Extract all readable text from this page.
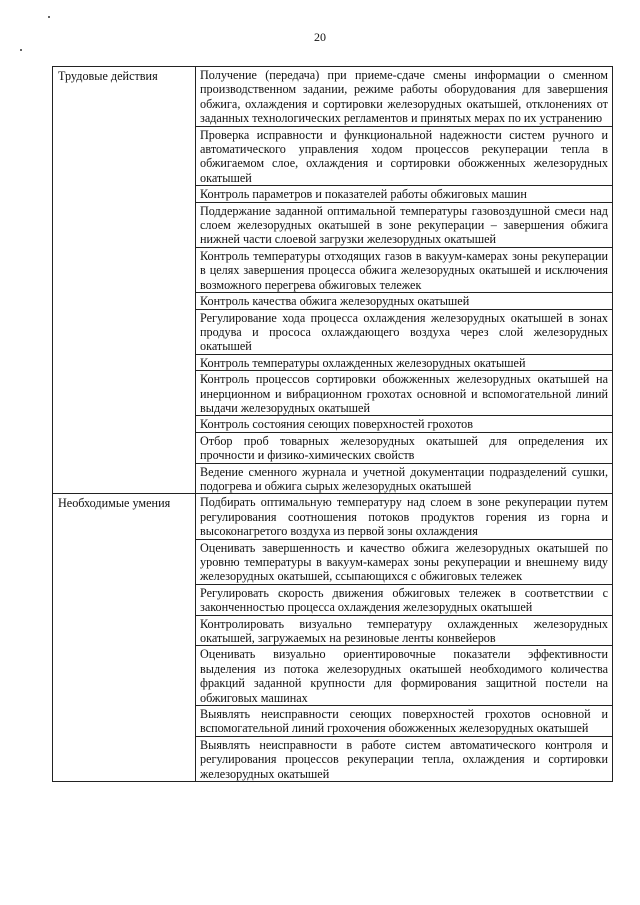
20
Трудовые действия	Получение (передача) при приеме-сдаче смены информации о сменном производственном задании, режиме работы оборудования для завершения обжига, охлаждения и сортировки железорудных окатышей, отклонениях от заданных технологических регламентов и принятых мерах по их устранению
	Проверка исправности и функциональной надежности систем ручного и автоматического управления ходом процессов рекуперации тепла в обжигаемом слое, охлаждения и сортировки обожженных железорудных окатышей
	Контроль параметров и показателей работы обжиговых машин
	Поддержание заданной оптимальной температуры газовоздушной смеси над слоем железорудных окатышей в зоне рекуперации – завершения обжига нижней части слоевой загрузки железорудных окатышей
	Контроль температуры отходящих газов в вакуум-камерах зоны рекуперации в целях завершения процесса обжига железорудных окатышей и исключения возможного перегрева обжиговых тележек
	Контроль качества обжига железорудных окатышей
	Регулирование хода процесса охлаждения железорудных окатышей в зонах продува и прососа охлаждающего воздуха через слой железорудных окатышей
	Контроль температуры охлажденных железорудных окатышей
	Контроль процессов сортировки обожженных железорудных окатышей на инерционном и вибрационном грохотах основной и вспомогательной линий выдачи железорудных окатышей
	Контроль состояния сеющих поверхностей грохотов
	Отбор проб товарных железорудных окатышей для определения их прочности и физико-химических свойств
	Ведение сменного журнала и учетной документации подразделений сушки, подогрева и обжига сырых железорудных окатышей
Необходимые умения	Подбирать оптимальную температуру над слоем в зоне рекуперации путем регулирования соотношения потоков продуктов горения из горна и высоконагретого воздуха из первой зоны охлаждения
	Оценивать завершенность и качество обжига железорудных окатышей по уровню температуры в вакуум-камерах зоны рекуперации и внешнему виду железорудных окатышей, ссыпающихся с обжиговых тележек
	Регулировать скорость движения обжиговых тележек в соответствии с законченностью процесса охлаждения железорудных окатышей
	Контролировать визуально температуру охлажденных железорудных окатышей, загружаемых на резиновые ленты конвейеров
	Оценивать визуально ориентировочные показатели эффективности выделения из потока железорудных окатышей необходимого количества фракций заданной крупности для формирования защитной постели на обжиговых машинах
	Выявлять неисправности сеющих поверхностей грохотов основной и вспомогательной линий грохочения обожженных железорудных окатышей
	Выявлять неисправности в работе систем автоматического контроля и регулирования процессов рекуперации тепла, охлаждения и сортировки железорудных окатышей
